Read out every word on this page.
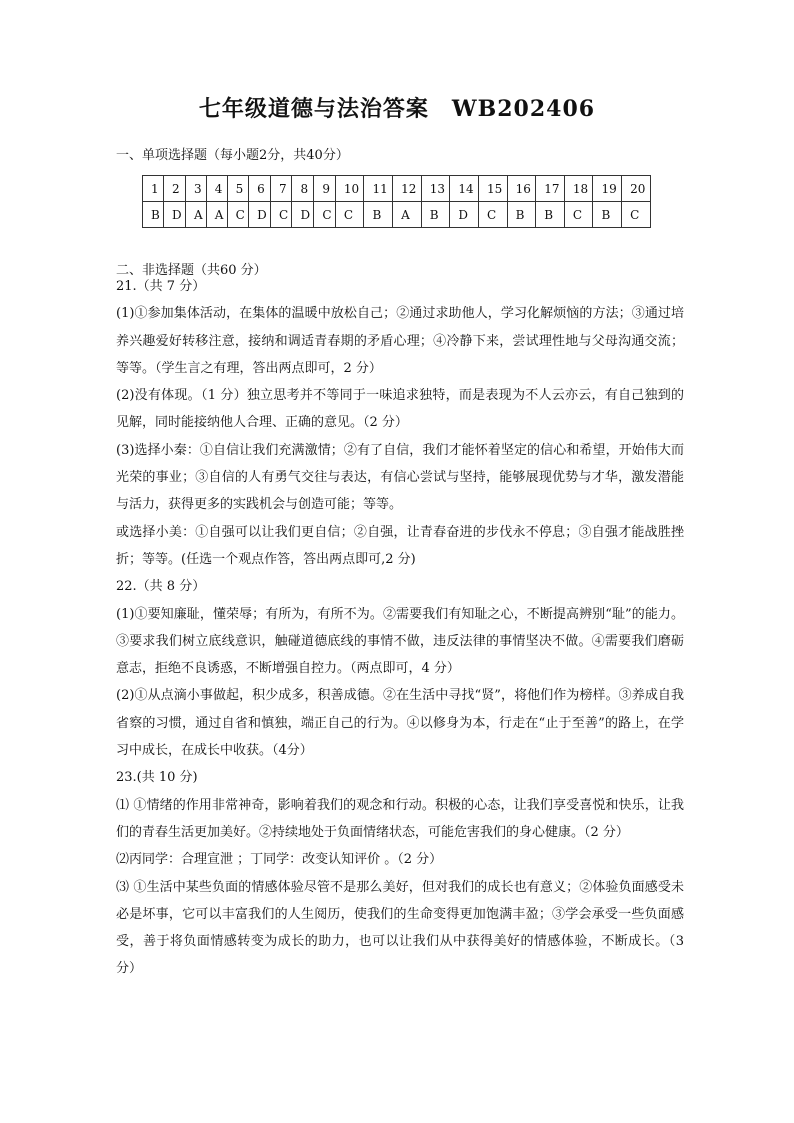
七年级道德与法治答案　WB202406
一、单项选择题（每小题2分，共40分）
1	2	3	4	5	6	7	8	9	10	11	12	13	14	15	16	17	18	19	20
B	D	A	A	C	D	C	D	C	C	B	A	B	D	C	B	B	C	B	C
二、非选择题（共60 分）

21.（共 7 分）

(1)①参加集体活动，在集体的温暖中放松自己；②通过求助他人，学习化解烦恼的方法；③通过培养兴趣爱好转移注意，接纳和调适青春期的矛盾心理；④冷静下来，尝试理性地与父母沟通交流；等等。（学生言之有理，答出两点即可，2 分）

(2)没有体现。（1 分）独立思考并不等同于一味追求独特，而是表现为不人云亦云，有自己独到的见解，同时能接纳他人合理、正确的意见。（2 分）

(3)选择小秦：①自信让我们充满激情；②有了自信，我们才能怀着坚定的信心和希望，开始伟大而光荣的事业；③自信的人有勇气交往与表达，有信心尝试与坚持，能够展现优势与才华，激发潜能与活力，获得更多的实践机会与创造可能；等等。

或选择小美：①自强可以让我们更自信；②自强，让青春奋进的步伐永不停息；③自强才能战胜挫折；等等。(任选一个观点作答，答出两点即可,2 分)

22.（共 8 分）

(1)①要知廉耻，懂荣辱；有所为，有所不为。②需要我们有知耻之心，不断提高辨别“耻”的能力。③要求我们树立底线意识，触碰道德底线的事情不做，违反法律的事情坚决不做。④需要我们磨砺意志，拒绝不良诱惑，不断增强自控力。（两点即可，4 分）

(2)①从点滴小事做起，积少成多，积善成德。②在生活中寻找“贤”，将他们作为榜样。③养成自我省察的习惯，通过自省和慎独，端正自己的行为。④以修身为本，行走在“止于至善”的路上，在学习中成长，在成长中收获。（4分）

23.(共 10 分)

⑴ ①情绪的作用非常神奇，影响着我们的观念和行动。积极的心态，让我们享受喜悦和快乐，让我们的青春生活更加美好。②持续地处于负面情绪状态，可能危害我们的身心健康。（2 分）

⑵丙同学：合理宣泄 ；丁同学：改变认知评价 。（2 分）

⑶ ①生活中某些负面的情感体验尽管不是那么美好，但对我们的成长也有意义；②体验负面感受未必是坏事，它可以丰富我们的人生阅历，使我们的生命变得更加饱满丰盈；③学会承受一些负面感受，善于将负面情感转变为成长的助力，也可以让我们从中获得美好的情感体验，不断成长。（3 分）
